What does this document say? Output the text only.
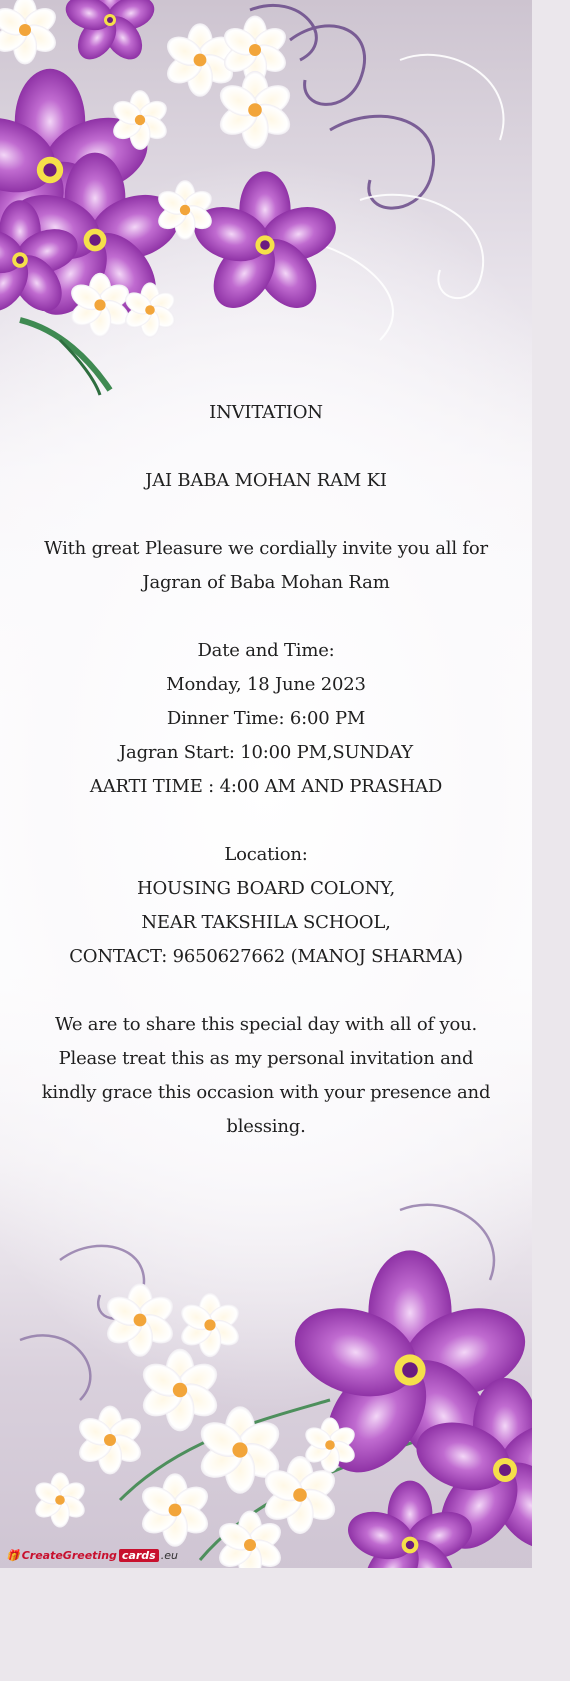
INVITATION
JAI BABA MOHAN RAM KI
With great Pleasure we cordially invite you all for Jagran of Baba Mohan Ram
Date and Time:
Monday, 18 June 2023
Dinner Time: 6:00 PM
Jagran Start: 10:00 PM,SUNDAY
AARTI TIME : 4:00 AM AND PRASHAD
Location:
HOUSING BOARD COLONY,
NEAR TAKSHILA SCHOOL,
CONTACT: 9650627662 (MANOJ SHARMA)
We are to share this special day with all of you. Please treat this as my personal invitation and kindly grace this occasion with your presence and blessing.
🎁 CreateGreeting cards .eu
